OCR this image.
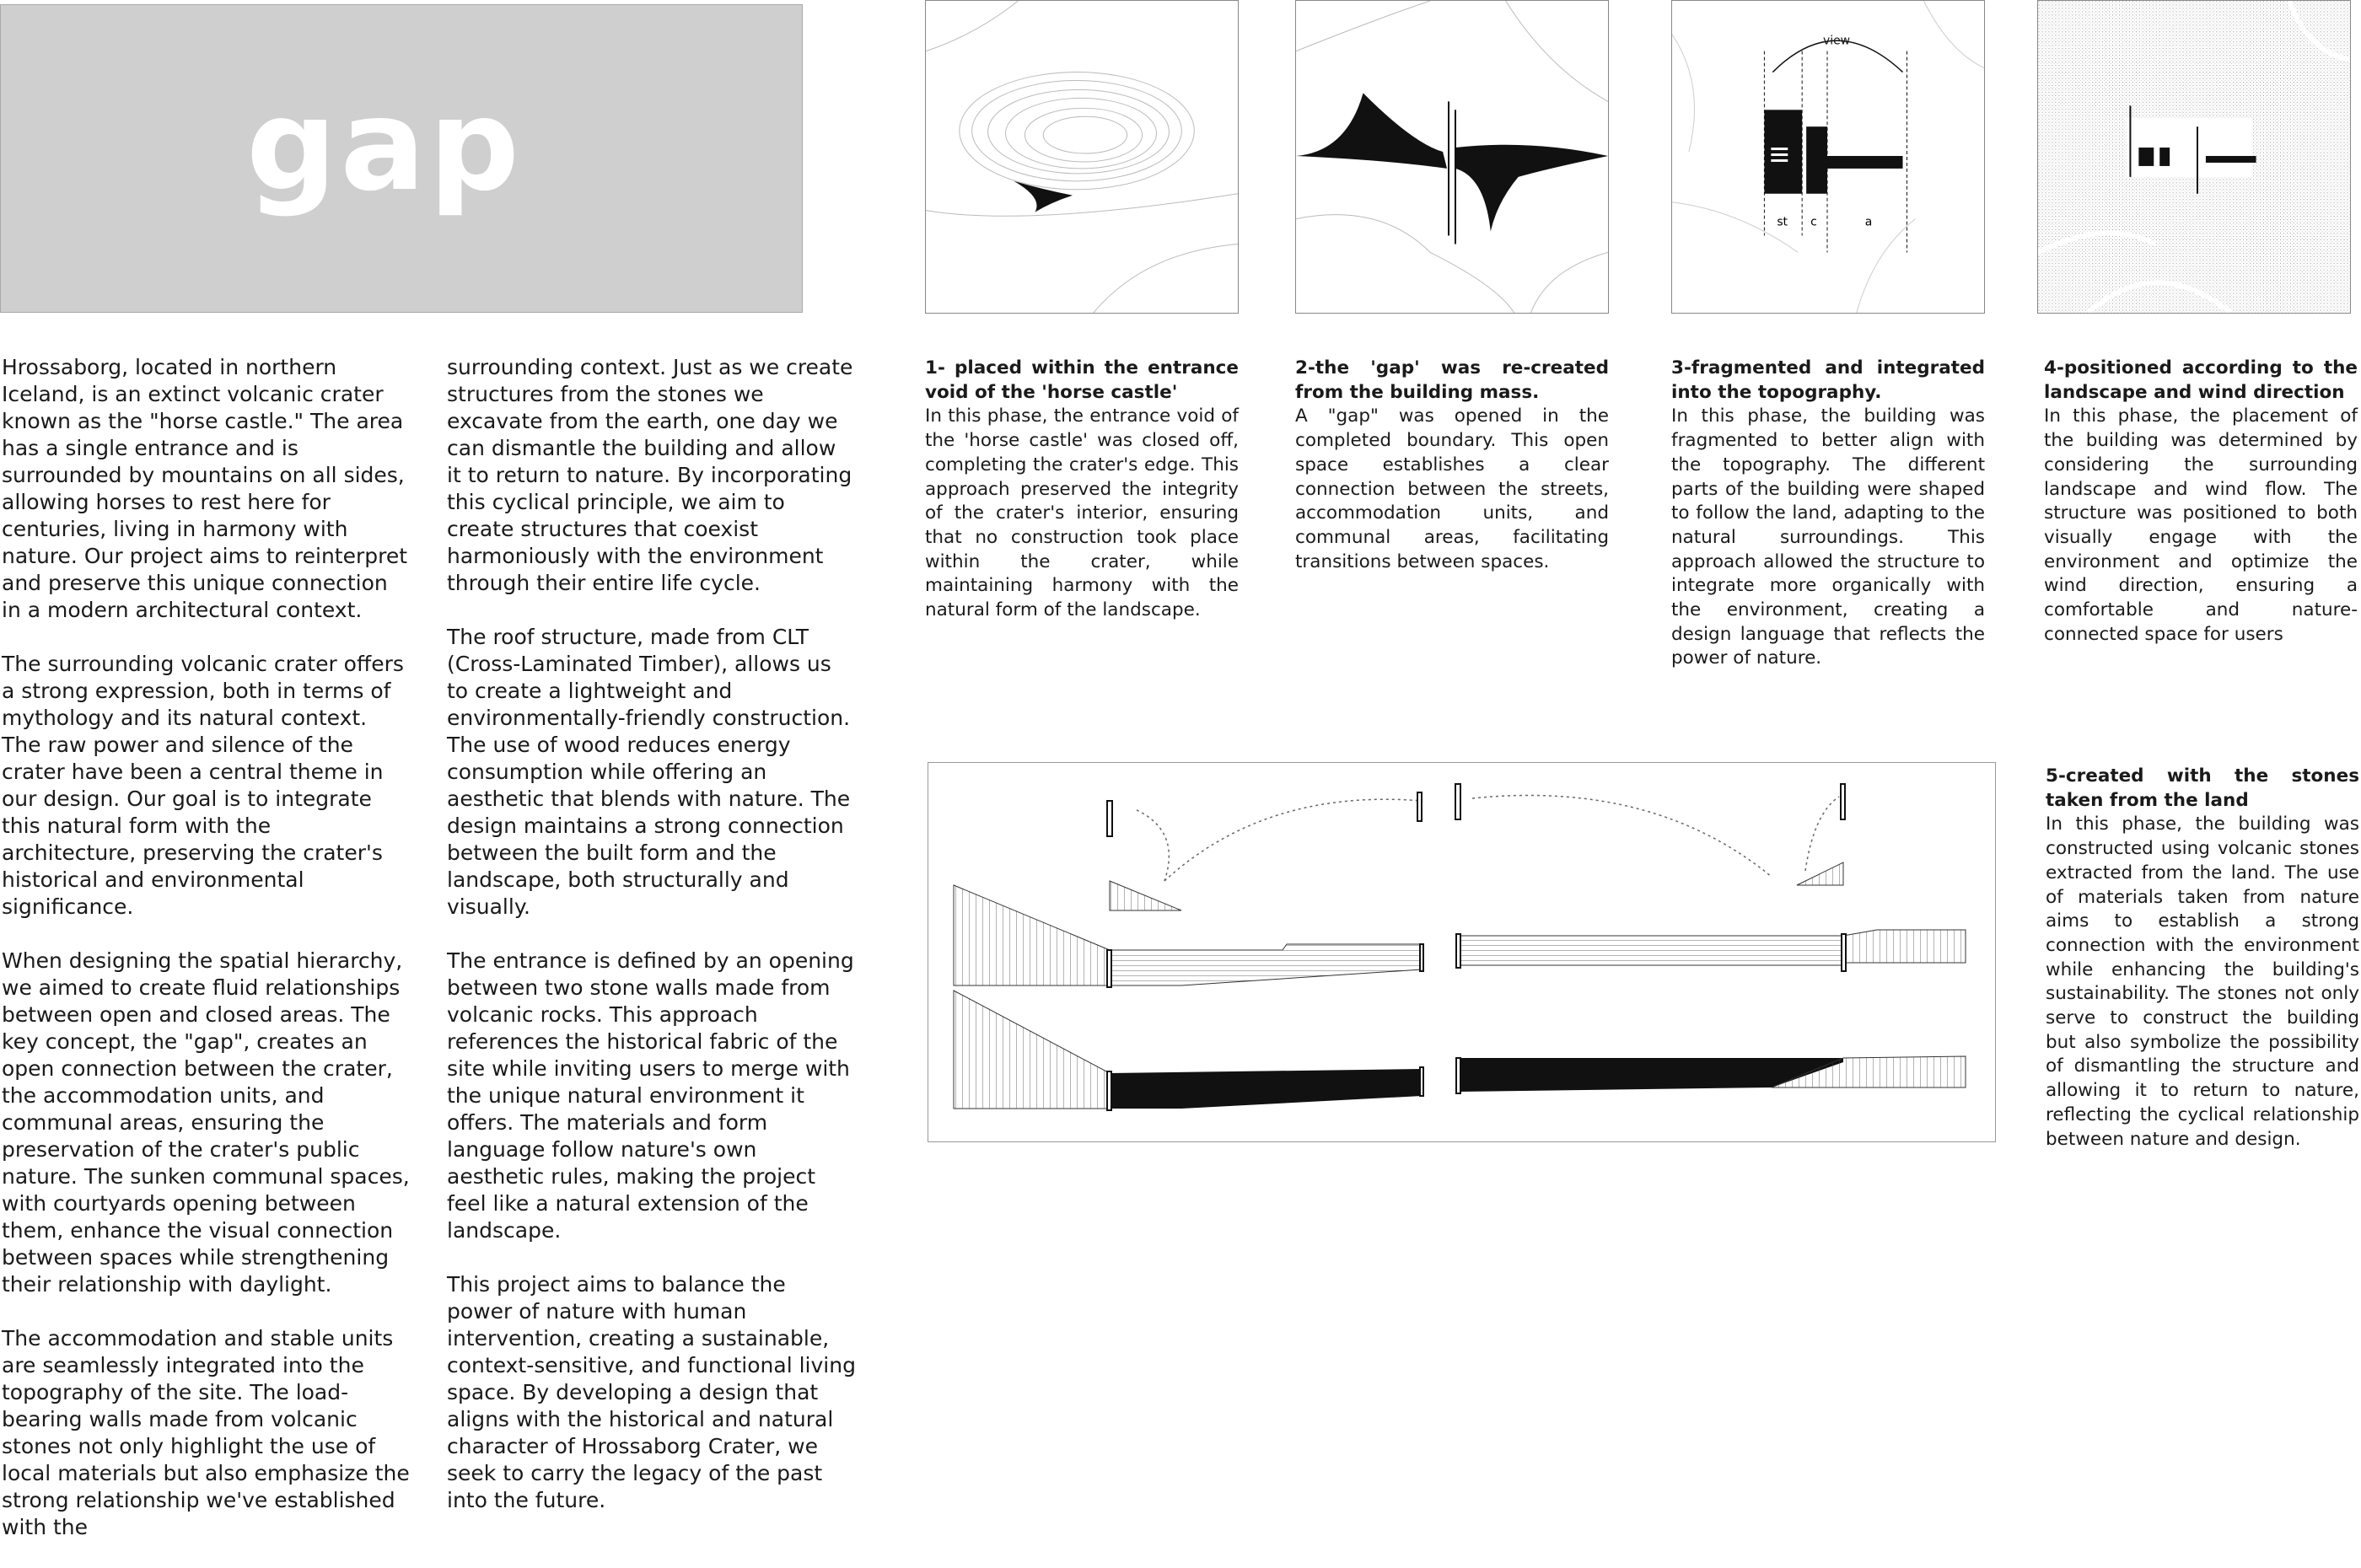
gap

Hrossaborg, located in northern Iceland, is an extinct volcanic crater known as the "horse castle." The area has a single entrance and is surrounded by mountains on all sides, allowing horses to rest here for centuries, living in harmony with nature. Our project aims to reinterpret and preserve this unique connection in a modern architectural context.

The surrounding volcanic crater offers a strong expression, both in terms of mythology and its natural context. The raw power and silence of the crater have been a central theme in our design. Our goal is to integrate this natural form with the architecture, preserving the crater's historical and environmental significance.

When designing the spatial hierarchy, we aimed to create fluid relationships between open and closed areas. The key concept, the "gap", creates an open connection between the crater, the accommodation units, and communal areas, ensuring the preservation of the crater's public nature. The sunken communal spaces, with courtyards opening between them, enhance the visual connection between spaces while strengthening their relationship with daylight.

The accommodation and stable units are seamlessly integrated into the topography of the site. The load-bearing walls made from volcanic stones not only highlight the use of local materials but also emphasize the strong relationship we've established with the

surrounding context. Just as we create structures from the stones we excavate from the earth, one day we can dismantle the building and allow it to return to nature. By incorporating this cyclical principle, we aim to create structures that coexist harmoniously with the environment through their entire life cycle.

The roof structure, made from CLT (Cross-Laminated Timber), allows us to create a lightweight and environmentally-friendly construction. The use of wood reduces energy consumption while offering an aesthetic that blends with nature. The design maintains a strong connection between the built form and the landscape, both structurally and visually.

The entrance is defined by an opening between two stone walls made from volcanic rocks. This approach references the historical fabric of the site while inviting users to merge with the unique natural environment it offers. The materials and form language follow nature's own aesthetic rules, making the project feel like a natural extension of the landscape.

This project aims to balance the power of nature with human intervention, creating a sustainable, context-sensitive, and functional living space. By developing a design that aligns with the historical and natural character of Hrossaborg Crater, we seek to carry the legacy of the past into the future.

view
st c	a
1- placed within the entrance void of the 'horse castle'
In this phase, the entrance void of the 'horse castle' was closed off, completing the crater's edge. This approach preserved the integrity of the crater's interior, ensuring that no construction took place within the crater, while maintaining harmony with the natural form of the landscape.
2-the 'gap' was re-created from the building mass.
A "gap" was opened in the completed boundary. This open space establishes a clear connection between the streets, accommodation units, and communal areas, facilitating transitions between spaces.
3-fragmented and integrated into the topography.
In this phase, the building was fragmented to better align with the topography. The different parts of the building were shaped to follow the land, adapting to the natural surroundings. This approach allowed the structure to integrate more organically with the environment, creating a design language that reflects the power of nature.
4-positioned according to the landscape and wind direction
In this phase, the placement of the building was determined by considering the surrounding landscape and wind flow. The structure was positioned to both visually engage with the environment and optimize the wind direction, ensuring a comfortable and nature-connected space for users
5-created with the stones taken from the land
In this phase, the building was constructed using volcanic stones extracted from the land. The use of materials taken from nature aims to establish a strong connection with the environment while enhancing the building's sustainability. The stones not only serve to construct the building but also symbolize the possibility of dismantling the structure and allowing it to return to nature, reflecting the cyclical relationship between nature and design.
